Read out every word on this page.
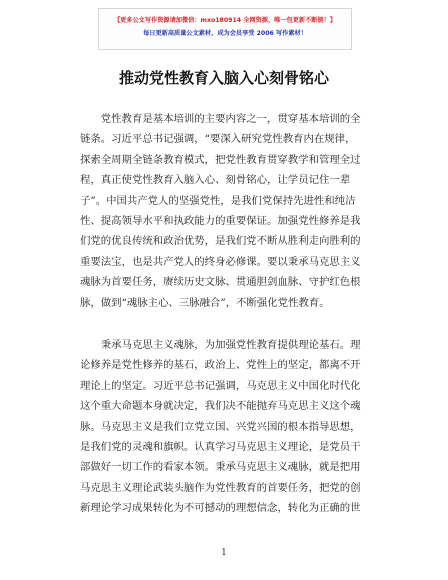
【更多公文写作资源请加微信：mxo180914 全网资源，唯一包更新不断链！】
每日更新高质量公文素材，成为会员享受 2006 写作素材！
推动党性教育入脑入心刻骨铭心
　　党性教育是基本培训的主要内容之一，贯穿基本培训的全
链条。习近平总书记强调，“要深入研究党性教育内在规律，
探索全周期全链条教育模式，把党性教育贯穿教学和管理全过
程，真正使党性教育入脑入心、刻骨铭心，让学员记住一辈
子”。中国共产党人的坚强党性，是我们党保持先进性和纯洁
性、提高领导水平和执政能力的重要保证。加强党性修养是我
们党的优良传统和政治优势，是我们党不断从胜利走向胜利的
重要法宝，也是共产党人的终身必修课。要以秉承马克思主义
魂脉为首要任务，赓续历史文脉、贯通胆剑血脉、守护红色根
脉，做到“魂脉主心、三脉融合”，不断强化党性教育。
　　秉承马克思主义魂脉，为加强党性教育提供理论基石。理
论修养是党性修养的基石，政治上、党性上的坚定，都离不开
理论上的坚定。习近平总书记强调，马克思主义中国化时代化
这个重大命题本身就决定，我们决不能抛弃马克思主义这个魂
脉。马克思主义是我们立党立国、兴党兴国的根本指导思想，
是我们党的灵魂和旗帜。认真学习马克思主义理论，是党员干
部做好一切工作的看家本领。秉承马克思主义魂脉，就是把用
马克思主义理论武装头脑作为党性教育的首要任务，把党的创
新理论学习成果转化为不可撼动的理想信念，转化为正确的世
1
